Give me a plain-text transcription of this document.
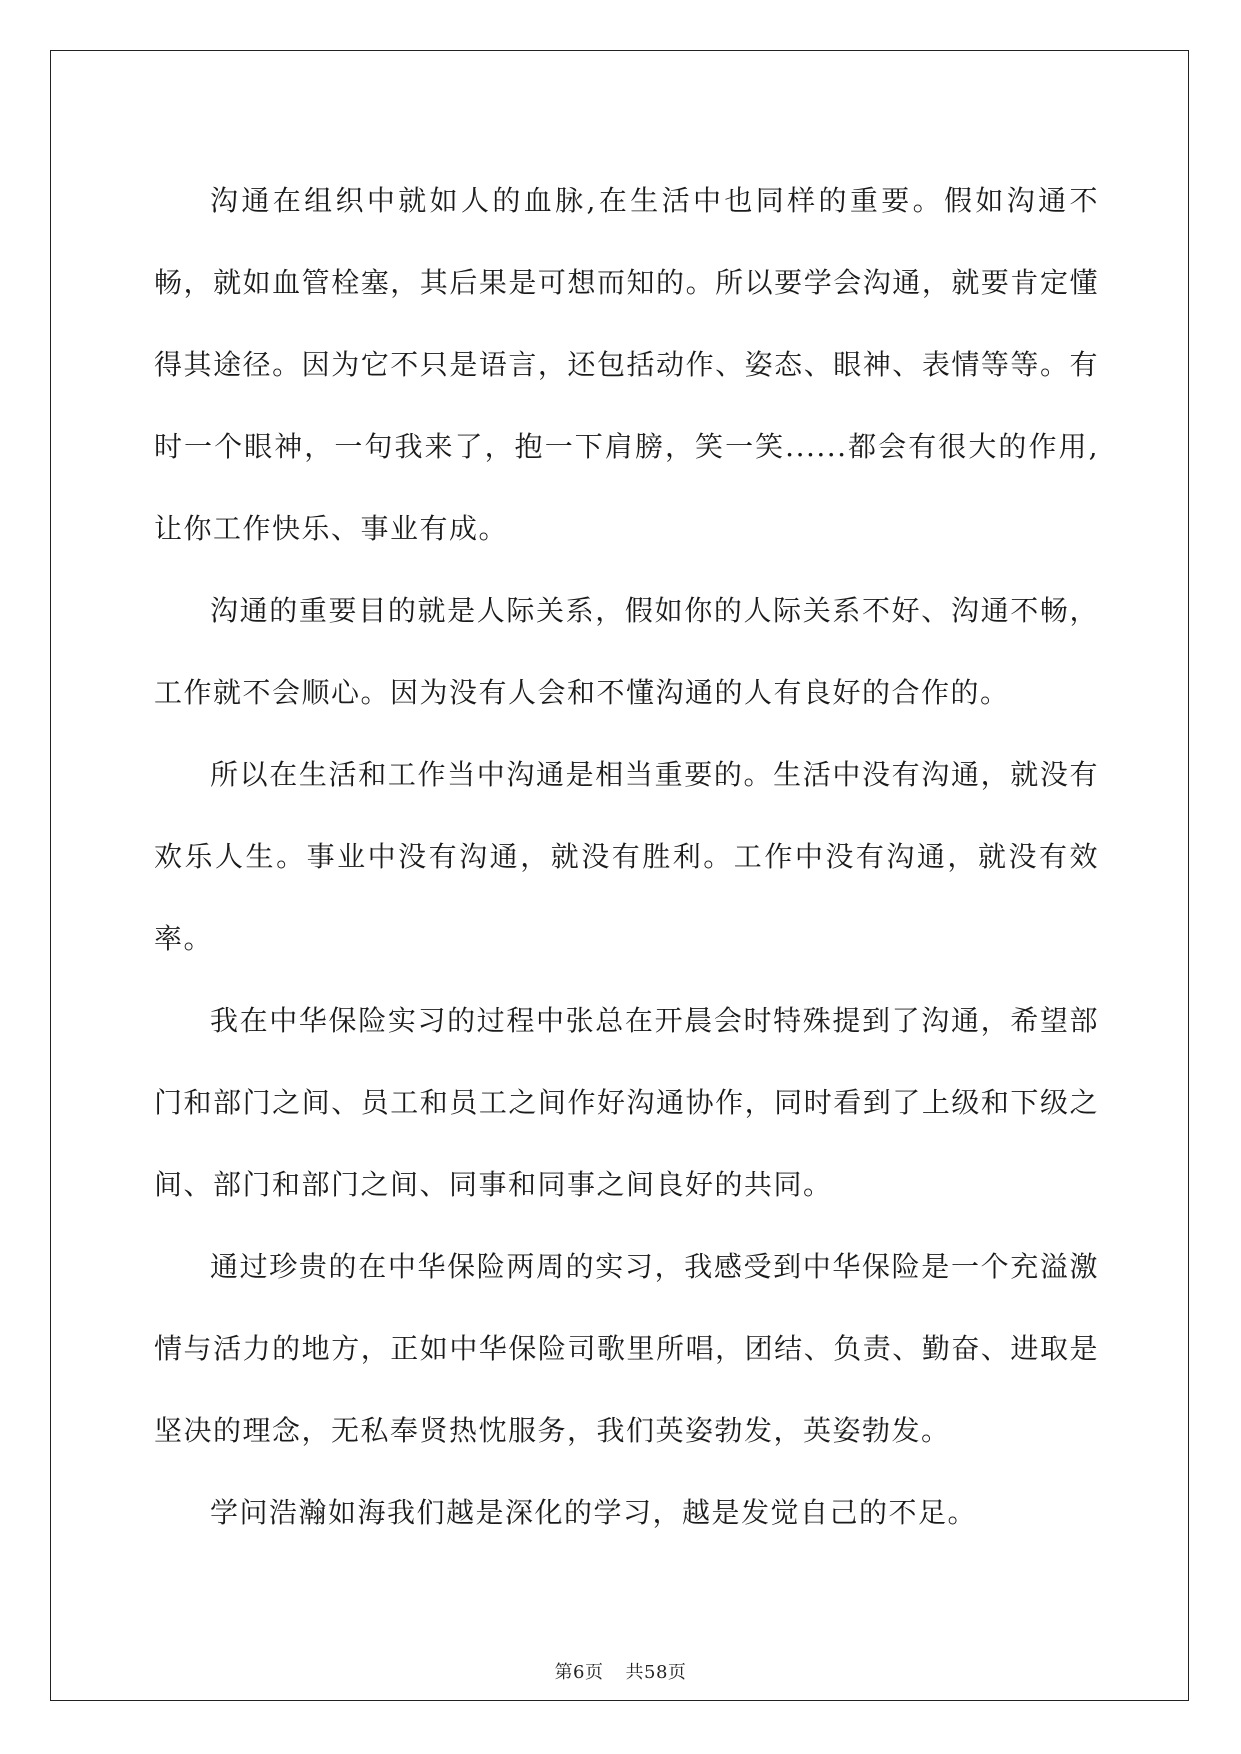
沟通在组织中就如人的血脉,在生活中也同样的重要。假如沟通不畅，就如血管栓塞，其后果是可想而知的。所以要学会沟通，就要肯定懂得其途径。因为它不只是语言，还包括动作、姿态、眼神、表情等等。有时一个眼神，一句我来了，抱一下肩膀，笑一笑......都会有很大的作用,让你工作快乐、事业有成。

沟通的重要目的就是人际关系，假如你的人际关系不好、沟通不畅，工作就不会顺心。因为没有人会和不懂沟通的人有良好的合作的。

所以在生活和工作当中沟通是相当重要的。生活中没有沟通，就没有欢乐人生。事业中没有沟通，就没有胜利。工作中没有沟通，就没有效率。

我在中华保险实习的过程中张总在开晨会时特殊提到了沟通，希望部门和部门之间、员工和员工之间作好沟通协作，同时看到了上级和下级之间、部门和部门之间、同事和同事之间良好的共同。

通过珍贵的在中华保险两周的实习，我感受到中华保险是一个充溢激情与活力的地方，正如中华保险司歌里所唱，团结、负责、勤奋、进取是坚决的理念，无私奉贤热忱服务，我们英姿勃发，英姿勃发。

学问浩瀚如海我们越是深化的学习，越是发觉自己的不足。

第6页 共58页
